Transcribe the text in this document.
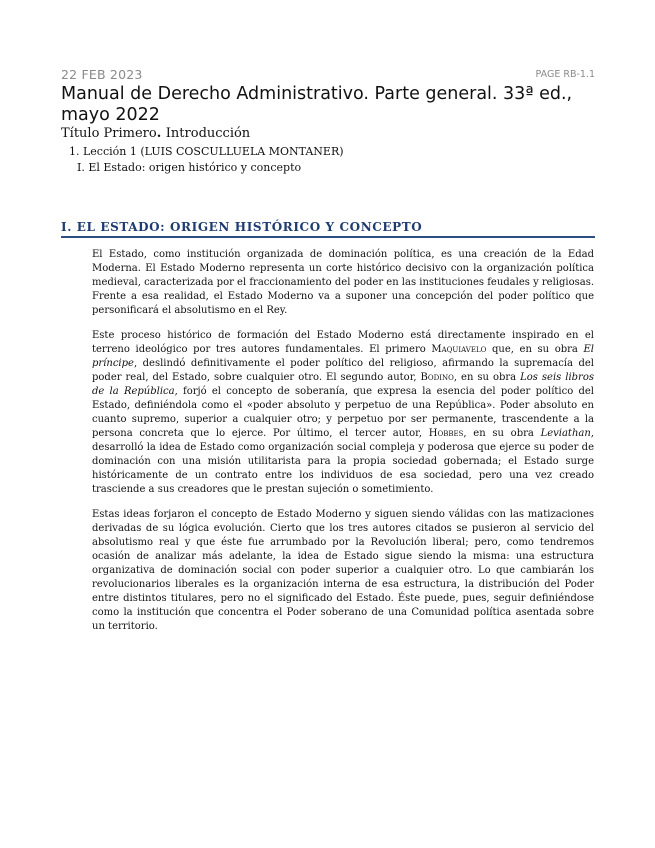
22 FEB 2023	PAGE RB-1.1
Manual de Derecho Administrativo. Parte general. 33ª ed., mayo 2022
Título Primero. Introducción
1. Lección 1 (LUIS COSCULLUELA MONTANER)
I. El Estado: origen histórico y concepto
I. EL ESTADO: ORIGEN HISTÓRICO Y CONCEPTO

El Estado, como institución organizada de dominación política, es una creación de la Edad Moderna. El Estado Moderno representa un corte histórico decisivo con la organización política medieval, caracterizada por el fraccionamiento del poder en las instituciones feudales y religiosas. Frente a esa realidad, el Estado Moderno va a suponer una concepción del poder político que personificará el absolutismo en el Rey.

Este proceso histórico de formación del Estado Moderno está directamente inspirado en el terreno ideológico por tres autores fundamentales. El primero Maquiavelo que, en su obra El príncipe, deslindó definitivamente el poder político del religioso, afirmando la supremacía del poder real, del Estado, sobre cualquier otro. El segundo autor, Bodino, en su obra Los seis libros de la República, forjó el concepto de soberanía, que expresa la esencia del poder político del Estado, definiéndola como el «poder absoluto y perpetuo de una República». Poder absoluto en cuanto supremo, superior a cualquier otro; y perpetuo por ser permanente, trascendente a la persona concreta que lo ejerce. Por último, el tercer autor, Hobbes, en su obra Leviathan, desarrolló la idea de Estado como organización social compleja y poderosa que ejerce su poder de dominación con una misión utilitarista para la propia sociedad gobernada; el Estado surge históricamente de un contrato entre los individuos de esa sociedad, pero una vez creado trasciende a sus creadores que le prestan sujeción o sometimiento.

Estas ideas forjaron el concepto de Estado Moderno y siguen siendo válidas con las matizaciones derivadas de su lógica evolución. Cierto que los tres autores citados se pusieron al servicio del absolutismo real y que éste fue arrumbado por la Revolución liberal; pero, como tendremos ocasión de analizar más adelante, la idea de Estado sigue siendo la misma: una estructura organizativa de dominación social con poder superior a cualquier otro. Lo que cambiarán los revolucionarios liberales es la organización interna de esa estructura, la distribución del Poder entre distintos titulares, pero no el significado del Estado. Éste puede, pues, seguir definiéndose como la institución que concentra el Poder soberano de una Comunidad política asentada sobre un territorio.
